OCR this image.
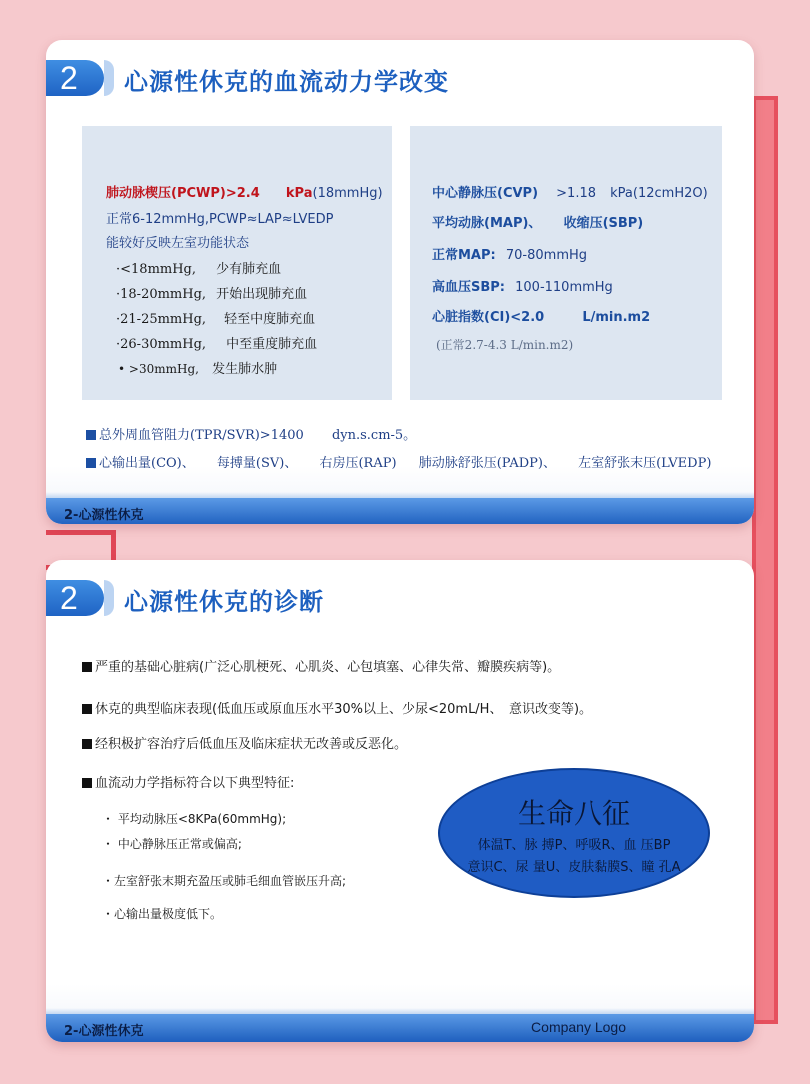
2	心源性休克的血流动力学改变
肺动脉楔压(PCWP)>2.4 kPa(18mmHg)
正常6-12mmHg,PCWP≈LAP≈LVEDP
能较好反映左室功能状态
·<18mmHg, 少有肺充血
·18-20mmHg, 开始出现肺充血
·21-25mmHg, 轻至中度肺充血
·26-30mmHg, 中至重度肺充血
• >30mmHg, 发生肺水肿
中心静脉压(CVP) >1.18 kPa(12cmH2O)
平均动脉(MAP)、 收缩压(SBP)
正常MAP: 70-80mmHg
高血压SBP: 100-110mmHg
心脏指数(CI)<2.0	L/min.m2
(正常2.7-4.3 L/min.m2)
总外周血管阻力(TPR/SVR)>1400 dyn.s.cm-5。
心输出量(CO)、 每搏量(SV)、 右房压(RAP) 肺动脉舒张压(PADP)、 左室舒张末压(LVEDP)
2-心源性休克
2	心源性休克的诊断
严重的基础心脏病(广泛心肌梗死、心肌炎、心包填塞、心律失常、瓣膜疾病等)。
休克的典型临床表现(低血压或原血压水平30%以上、少尿<20mL/H、　意识改变等)。
经积极扩容治疗后低血压及临床症状无改善或反恶化。
血流动力学指标符合以下典型特征:
・ 平均动脉压<8KPa(60mmHg);
・ 中心静脉压正常或偏高;
・左室舒张末期充盈压或肺毛细血管嵌压升高;
・心输出量极度低下。
生命八征
体温T、脉 搏P、呼吸R、血 压BP
意识C、尿 量U、皮肤黏膜S、瞳 孔A
2-心源性休克	Company Logo
